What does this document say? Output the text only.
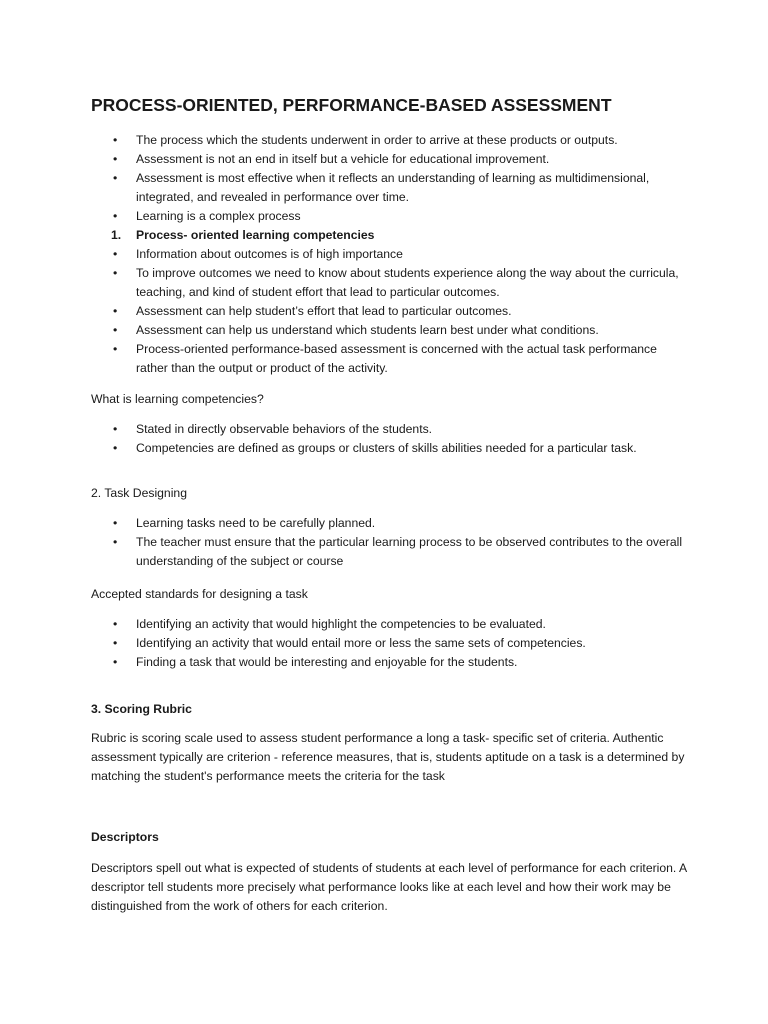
PROCESS-ORIENTED, PERFORMANCE-BASED ASSESSMENT
• The process which the students underwent in order to arrive at these products or outputs.
• Assessment is not an end in itself but a vehicle for educational improvement.
• Assessment is most effective when it reflects an understanding of learning as multidimensional, integrated, and revealed in performance over time.
• Learning is a complex process
1. Process- oriented learning competencies
• Information about outcomes is of high importance
• To improve outcomes we need to know about students experience along the way about the curricula, teaching, and kind of student effort that lead to particular outcomes.
• Assessment can help student’s effort that lead to particular outcomes.
• Assessment can help us understand which students learn best under what conditions.
• Process-oriented performance-based assessment is concerned with the actual task performance rather than the output or product of the activity.

What is learning competencies?

• Stated in directly observable behaviors of the students.
• Competencies are defined as groups or clusters of skills abilities needed for a particular task.

2. Task Designing

• Learning tasks need to be carefully planned.
• The teacher must ensure that the particular learning process to be observed contributes to the overall understanding of the subject or course

Accepted standards for designing a task

• Identifying an activity that would highlight the competencies to be evaluated.
• Identifying an activity that would entail more or less the same sets of competencies.
• Finding a task that would be interesting and enjoyable for the students.

3. Scoring Rubric

Rubric is scoring scale used to assess student performance a long a task- specific set of criteria. Authentic assessment typically are criterion - reference measures, that is, students aptitude on a task is a determined by matching the student's performance meets the criteria for the task

Descriptors

Descriptors spell out what is expected of students of students at each level of performance for each criterion. A descriptor tell students more precisely what performance looks like at each level and how their work may be distinguished from the work of others for each criterion.
